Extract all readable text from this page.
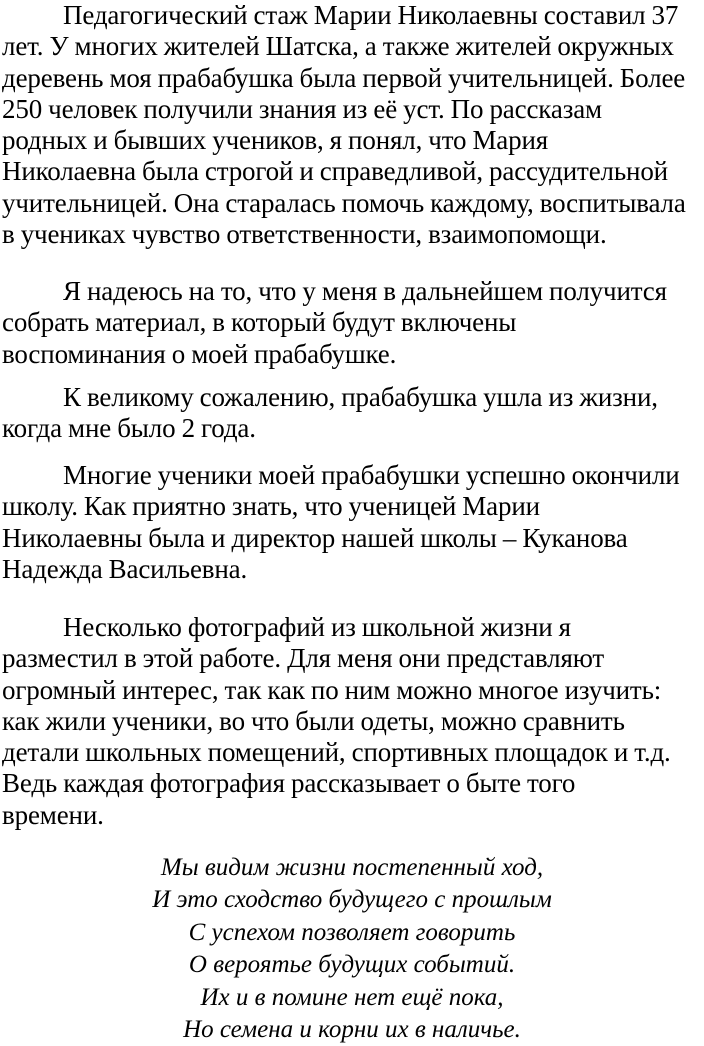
Педагогический стаж Марии Николаевны составил 37
лет. У многих жителей Шатска, а также жителей окружных
деревень моя прабабушка была первой учительницей. Более
250 человек получили знания из её уст. По рассказам
родных и бывших учеников, я понял, что Мария
Николаевна была строгой и справедливой, рассудительной
учительницей. Она старалась помочь каждому, воспитывала
в учениках чувство ответственности, взаимопомощи.
Я надеюсь на то, что у меня в дальнейшем получится
собрать материал, в который будут включены
воспоминания о моей прабабушке.
К великому сожалению, прабабушка ушла из жизни,
когда мне было 2 года.
Многие ученики моей прабабушки успешно окончили
школу. Как приятно знать, что ученицей Марии
Николаевны была и директор нашей школы – Куканова
Надежда Васильевна.
Несколько фотографий из школьной жизни я
разместил в этой работе. Для меня они представляют
огромный интерес, так как по ним можно многое изучить:
как жили ученики, во что были одеты, можно сравнить
детали школьных помещений, спортивных площадок и т.д.
Ведь каждая фотография рассказывает о быте того
времени.
Мы видим жизни постепенный ход,
И это сходство будущего с прошлым
С успехом позволяет говорить
О вероятье будущих событий.
Их и в помине нет ещё пока,
Но семена и корни их в наличье.
